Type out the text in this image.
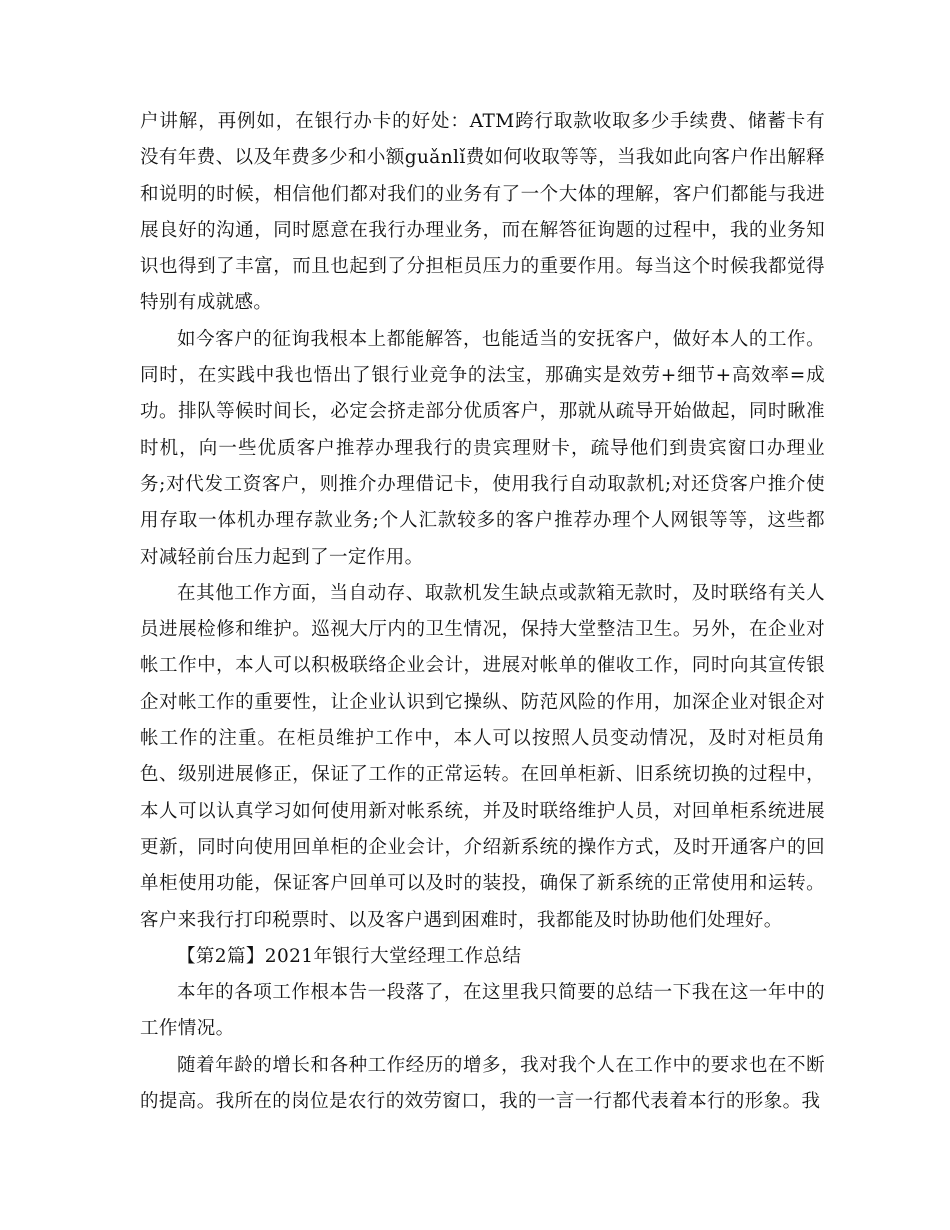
户讲解，再例如，在银行办卡的好处：ATM跨行取款收取多少手续费、储蓄卡有没有年费、以及年费多少和小额guǎnlǐ费如何收取等等，当我如此向客户作出解释和说明的时候，相信他们都对我们的业务有了一个大体的理解，客户们都能与我进展良好的沟通，同时愿意在我行办理业务，而在解答征询题的过程中，我的业务知识也得到了丰富，而且也起到了分担柜员压力的重要作用。每当这个时候我都觉得特别有成就感。

如今客户的征询我根本上都能解答，也能适当的安抚客户，做好本人的工作。同时，在实践中我也悟出了银行业竞争的法宝，那确实是效劳+细节+高效率=成功。排队等候时间长，必定会挤走部分优质客户，那就从疏导开始做起，同时瞅准时机，向一些优质客户推荐办理我行的贵宾理财卡，疏导他们到贵宾窗口办理业务;对代发工资客户，则推介办理借记卡，使用我行自动取款机;对还贷客户推介使用存取一体机办理存款业务;个人汇款较多的客户推荐办理个人网银等等，这些都对减轻前台压力起到了一定作用。

在其他工作方面，当自动存、取款机发生缺点或款箱无款时，及时联络有关人员进展检修和维护。巡视大厅内的卫生情况，保持大堂整洁卫生。另外，在企业对帐工作中，本人可以积极联络企业会计，进展对帐单的催收工作，同时向其宣传银企对帐工作的重要性，让企业认识到它操纵、防范风险的作用，加深企业对银企对帐工作的注重。在柜员维护工作中，本人可以按照人员变动情况，及时对柜员角色、级别进展修正，保证了工作的正常运转。在回单柜新、旧系统切换的过程中，本人可以认真学习如何使用新对帐系统，并及时联络维护人员，对回单柜系统进展更新，同时向使用回单柜的企业会计，介绍新系统的操作方式，及时开通客户的回单柜使用功能，保证客户回单可以及时的装投，确保了新系统的正常使用和运转。客户来我行打印税票时、以及客户遇到困难时，我都能及时协助他们处理好。

【第2篇】2021年银行大堂经理工作总结

本年的各项工作根本告一段落了，在这里我只简要的总结一下我在这一年中的工作情况。

随着年龄的增长和各种工作经历的增多，我对我个人在工作中的要求也在不断的提高。我所在的岗位是农行的效劳窗口，我的一言一行都代表着本行的形象。我
